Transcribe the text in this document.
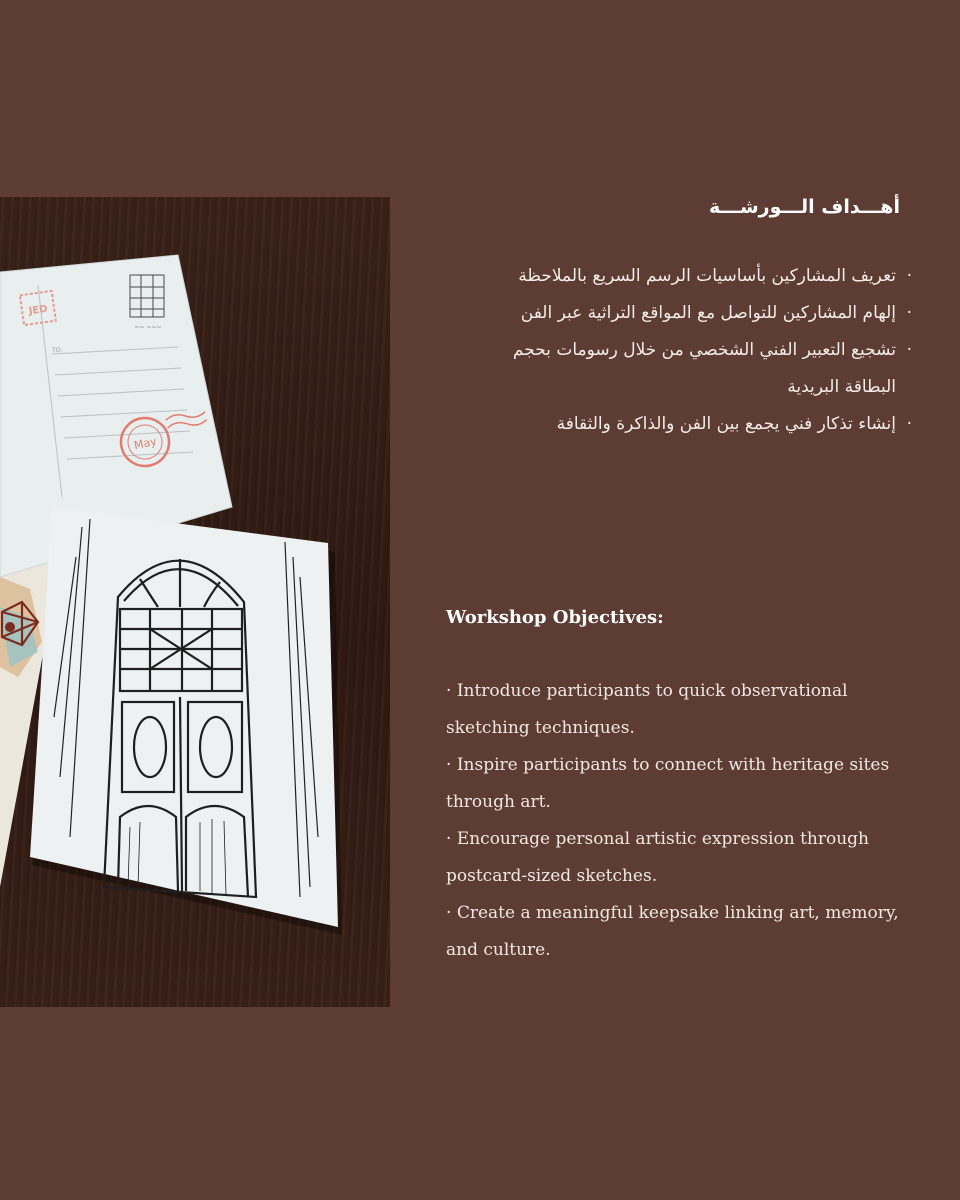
JED
TO:
~~ ~~~
May
أهـــداف الـــورشـــة
· تعريف المشاركين بأساسيات الرسم السريع بالملاحظة
· إلهام المشاركين للتواصل مع المواقع التراثية عبر الفن
· تشجيع التعبير الفني الشخصي من خلال رسومات بحجم البطاقة البريدية
· إنشاء تذكار فني يجمع بين الفن والذاكرة والثقافة
Workshop Objectives:
· Introduce participants to quick observational sketching techniques.
· Inspire participants to connect with heritage sites through art.
· Encourage personal artistic expression through postcard-sized sketches.
· Create a meaningful keepsake linking art, memory, and culture.
